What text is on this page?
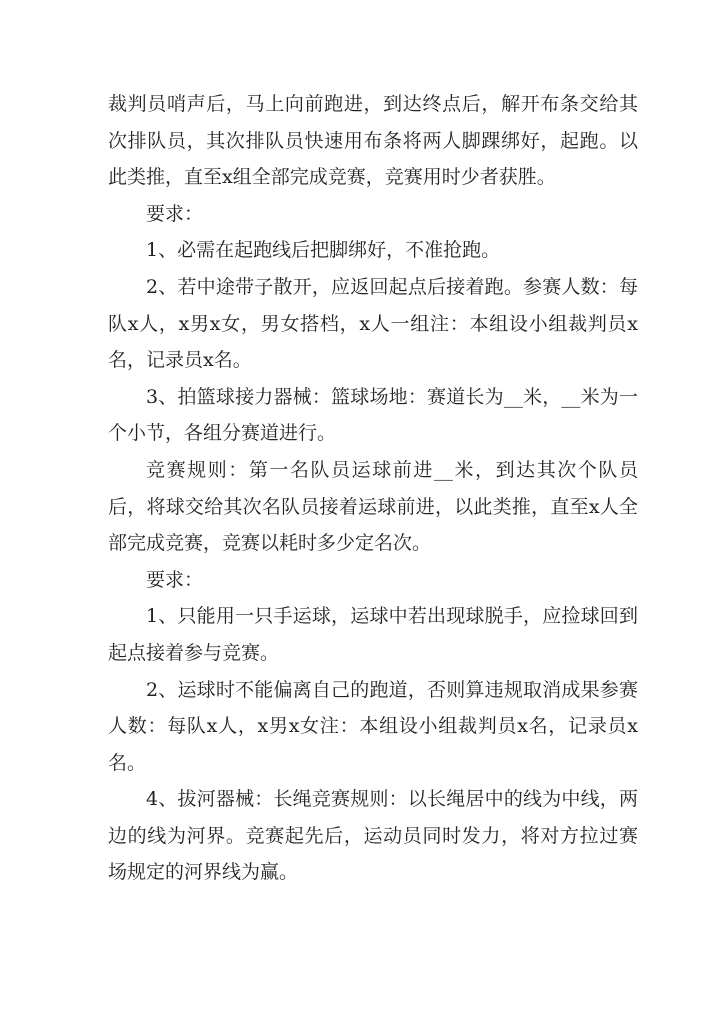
裁判员哨声后，马上向前跑进，到达终点后，解开布条交给其次排队员，其次排队员快速用布条将两人脚踝绑好，起跑。以此类推，直至x组全部完成竞赛，竞赛用时少者获胜。

要求：

1、必需在起跑线后把脚绑好，不准抢跑。

2、若中途带子散开，应返回起点后接着跑。参赛人数：每队x人，x男x女，男女搭档，x人一组注：本组设小组裁判员x名，记录员x名。

3、拍篮球接力器械：篮球场地：赛道长为__米，__米为一个小节，各组分赛道进行。

竞赛规则：第一名队员运球前进__米，到达其次个队员后，将球交给其次名队员接着运球前进，以此类推，直至x人全部完成竞赛，竞赛以耗时多少定名次。

要求：

1、只能用一只手运球，运球中若出现球脱手，应捡球回到起点接着参与竞赛。

2、运球时不能偏离自己的跑道，否则算违规取消成果参赛人数：每队x人，x男x女注：本组设小组裁判员x名，记录员x名。

4、拔河器械：长绳竞赛规则：以长绳居中的线为中线，两边的线为河界。竞赛起先后，运动员同时发力，将对方拉过赛场规定的河界线为赢。
